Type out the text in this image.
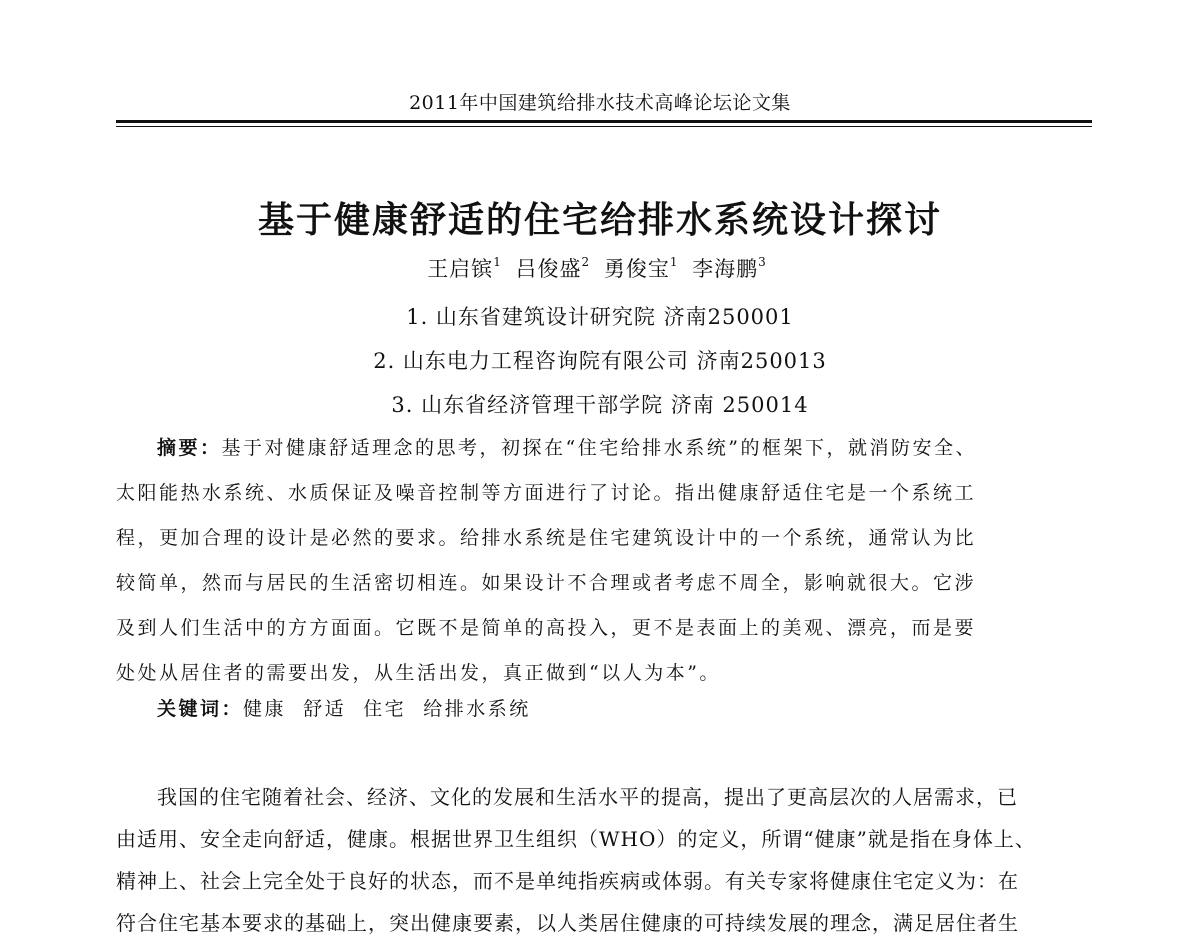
2011年中国建筑给排水技术高峰论坛论文集
基于健康舒适的住宅给排水系统设计探讨
王启镔$^1$ 吕俊盛$^2$ 勇俊宝$^1$ 李海鹏$^3$
1. 山东省建筑设计研究院 济南250001
2. 山东电力工程咨询院有限公司 济南250013
3. 山东省经济管理干部学院 济南 250014
摘要：基于对健康舒适理念的思考，初探在“住宅给排水系统”的框架下，就消防安全、
太阳能热水系统、水质保证及噪音控制等方面进行了讨论。指出健康舒适住宅是一个系统工
程，更加合理的设计是必然的要求。给排水系统是住宅建筑设计中的一个系统，通常认为比
较简单，然而与居民的生活密切相连。如果设计不合理或者考虑不周全，影响就很大。它涉
及到人们生活中的方方面面。它既不是简单的高投入，更不是表面上的美观、漂亮，而是要
处处从居住者的需要出发，从生活出发，真正做到“以人为本”。
关键词：健康  舒适  住宅  给排水系统
我国的住宅随着社会、经济、文化的发展和生活水平的提高，提出了更高层次的人居需求，已
由适用、安全走向舒适，健康。根据世界卫生组织（WHO）的定义，所谓“健康”就是指在身体上、
精神上、社会上完全处于良好的状态，而不是单纯指疾病或体弱。有关专家将健康住宅定义为：在
符合住宅基本要求的基础上，突出健康要素，以人类居住健康的可持续发展的理念，满足居住者生
